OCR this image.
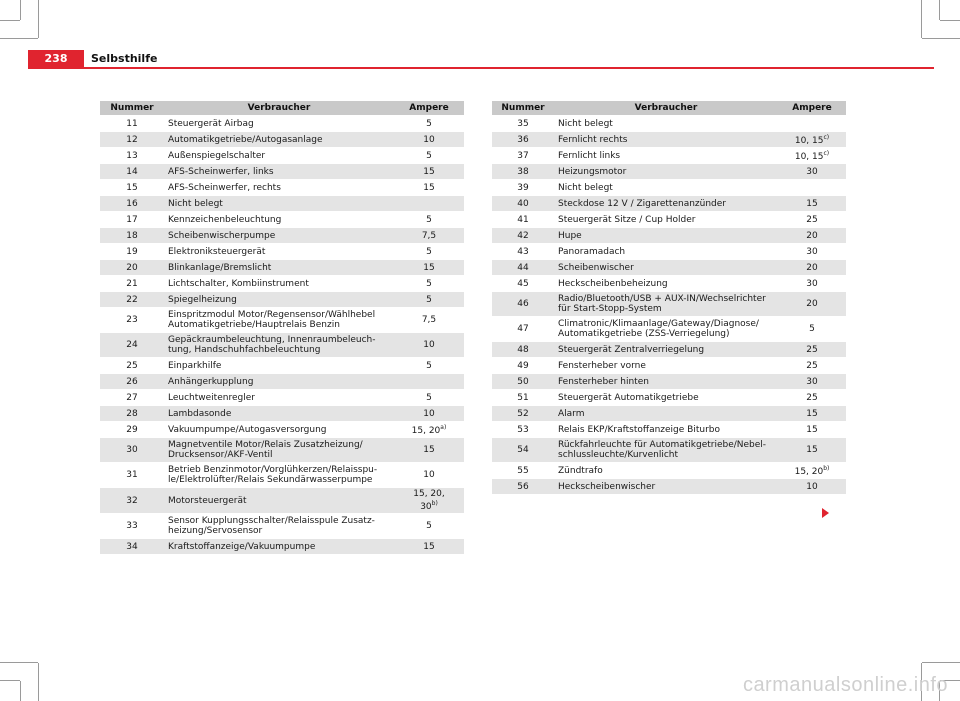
238	Selbsthilfe
Nummer	Verbraucher	Ampere
11	Steuergerät Airbag	5
12	Automatikgetriebe/Autogasanlage	10
13	Außenspiegelschalter	5
14	AFS-Scheinwerfer, links	15
15	AFS-Scheinwerfer, rechts	15
16	Nicht belegt	
17	Kennzeichenbeleuchtung	5
18	Scheibenwischerpumpe	7,5
19	Elektroniksteuergerät	5
20	Blinkanlage/Bremslicht	15
21	Lichtschalter, Kombiinstrument	5
22	Spiegelheizung	5
23	Einspritzmodul Motor/Regensensor/Wählhebel
Automatikgetriebe/Hauptrelais Benzin	7,5
24	Gepäckraumbeleuchtung, Innenraumbeleuch-
tung, Handschuhfachbeleuchtung	10
25	Einparkhilfe	5
26	Anhängerkupplung	
27	Leuchtweitenregler	5
28	Lambdasonde	10
29	Vakuumpumpe/Autogasversorgung	15, 20$^{a)}$
30	Magnetventile Motor/Relais Zusatzheizung/
Drucksensor/AKF-Ventil	15
31	Betrieb Benzinmotor/Vorglühkerzen/Relaisspu-
le/Elektrolüfter/Relais Sekundärwasserpumpe	10
32	Motorsteuergerät	15, 20,
30$^{b)}$
33	Sensor Kupplungsschalter/Relaisspule Zusatz-
heizung/Servosensor	5
34	Kraftstoffanzeige/Vakuumpumpe	15
Nummer	Verbraucher	Ampere
35	Nicht belegt	
36	Fernlicht rechts	10, 15$^{c)}$
37	Fernlicht links	10, 15$^{c)}$
38	Heizungsmotor	30
39	Nicht belegt	
40	Steckdose 12 V / Zigarettenanzünder	15
41	Steuergerät Sitze / Cup Holder	25
42	Hupe	20
43	Panoramadach	30
44	Scheibenwischer	20
45	Heckscheibenbeheizung	30
46	Radio/Bluetooth/USB + AUX-IN/Wechselrichter
für Start-Stopp-System	20
47	Climatronic/Klimaanlage/Gateway/Diagnose/
Automatikgetriebe (ZSS-Verriegelung)	5
48	Steuergerät Zentralverriegelung	25
49	Fensterheber vorne	25
50	Fensterheber hinten	30
51	Steuergerät Automatikgetriebe	25
52	Alarm	15
53	Relais EKP/Kraftstoffanzeige Biturbo	15
54	Rückfahrleuchte für Automatikgetriebe/Nebel-
schlussleuchte/Kurvenlicht	15
55	Zündtrafo	15, 20$^{b)}$
56	Heckscheibenwischer	10
carmanualsonline.info
